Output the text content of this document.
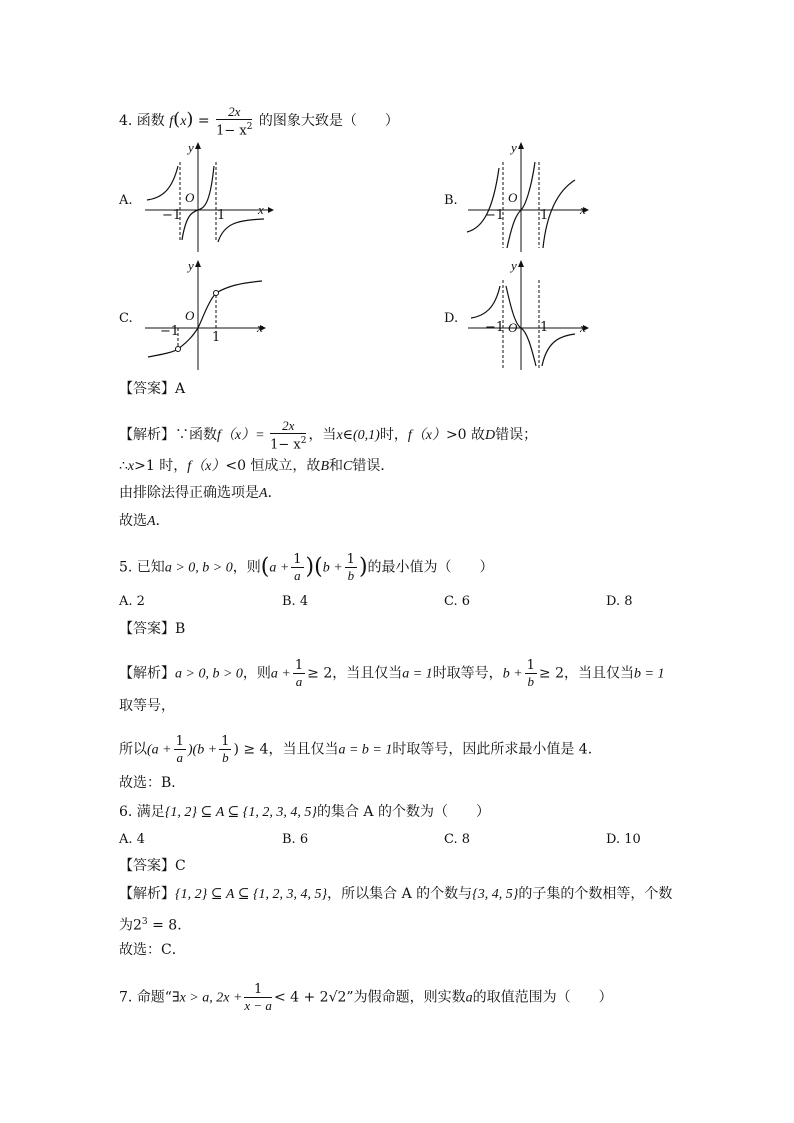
4. 函数 $f(x) = \frac{2x}{1- x^2}$ 的图象大致是（　　）
A.	B.
C.	D.
x
y
O
−1	1	x
y
O
−1	1
x
y
O
−1	1
x
y
O
−1	1
【答案】A
【解析】∵函数$f(x)= \frac{2x}{1- x^2}$ ，当x∈(0,1)时，f（x）>0 故D错误；
∴x>1 时，f（x）<0 恒成立，故B和C错误．
由排除法得正确选项是A．
故选A．
5. 已知a > 0, b > 0，则$(a + \frac{1}{a} )(b + \frac{1}{b}$ )的最小值为（　　）
A. 2	B. 4	C. 6	D. 8
【答案】B
【解析】a > 0, b > 0，则$a + \frac{1}{a} \ge 2$，当且仅当a = 1时取等号，$b + \frac{1}{b} \ge 2$，当且仅当b = 1
取等号，
所以$(a + \frac{1}{a} )(b + \frac{1}{b}$ ) ≥ 4，当且仅当a = b = 1时取等号，因此所求最小值是 4.
故选：B．
6. 满足{1, 2} ⊆ A ⊆ {1, 2, 3, 4, 5}的集合 A 的个数为（　　）
A. 4	B. 6	C. 8	D. 10
【答案】C
【解析】{1, 2} ⊆ A ⊆ {1, 2, 3, 4, 5}，所以集合 A 的个数与{3, 4, 5}的子集的个数相等，个数
为$2^3 = 8$.
故选：C．
7. 命题“∃x > a, $2x + \frac{1}{x - a} < 4 + 2√2$”为假命题，则实数a的取值范围为（　　）
